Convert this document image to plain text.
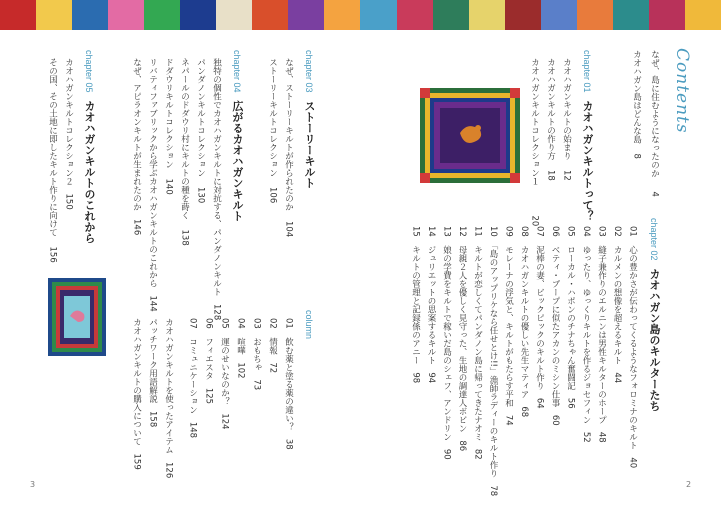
Contents
なぜ、島に住むようになったのか4
カオハガン島はどんな島8
chapter 01カオハガンキルトって？
カオハガンキルトの始まり12
カオハガンキルトの作り方18
カオハガンキルトコレクション１20	chapter 02カオハガン島のキルターたち
01　心の豊かさが伝わってくるようなフォロミナのキルト40
02　カルメンの想像を超えるキルト44
03　縫子兼作りのエルニンは男性キルターのホープ48
04　ゆったり、ゆっくりキルトを作るジョセフィン52
05　ローカル・ハポンのチナちゃん奮闘記56
06　ベティ・ブープに似たアカンのミシン仕事60
07　泥棒の妻、ビックピックのキルト作り64
08　カオハガンキルトの優しい先生マティア68
09　モレーナの浮気と、キルトがもたらす平和74
10　「島のアップリケなら任せとけ!!」漁師ラディーのキルト作り78
11　キルトが恋しくてパンダノン島に帰ってきたナオミ82
12　母親２人を優しく見守った、生地の調達人ボビン86
13　娘の学費をキルトで稼いだ島のシェフ、アンドリン90
14　ジュリエットの思案するキルト94
15　キルトの管理と記録係のアニー98
chapter 03ストーリーキルト
なぜ、ストーリーキルトが作られたのか104
ストーリーキルトコレクション106
chapter 04広がるカオハガンキルト
独特の個性でカオハガンキルトに対抗する、パンダノンキルト128
パンダノンキルトコレクション130
ネパールのドダウリ村にキルトの種を蒔く138
ドダウリキルトコレクション140
リバティファブリックから学ぶカオハガンキルトのこれから144
なぜ、アピラオンキルトが生まれたのか146
chapter 05カオハガンキルトのこれから
カオハガンキルトコレクション２150
その国、その土地に即したキルト作りに向けて156
column
01　飲む薬と塗る薬の違い？38
02　情報72
03　おもちゃ73
04　喧嘩102
05　運のせいなのか？124
06　フィエスタ125
07　コミュニケーション148
カオハガンキルトを使ったアイテム126
パッチワーク用語解説158
カオハガンキルトの購入について159
3	2
